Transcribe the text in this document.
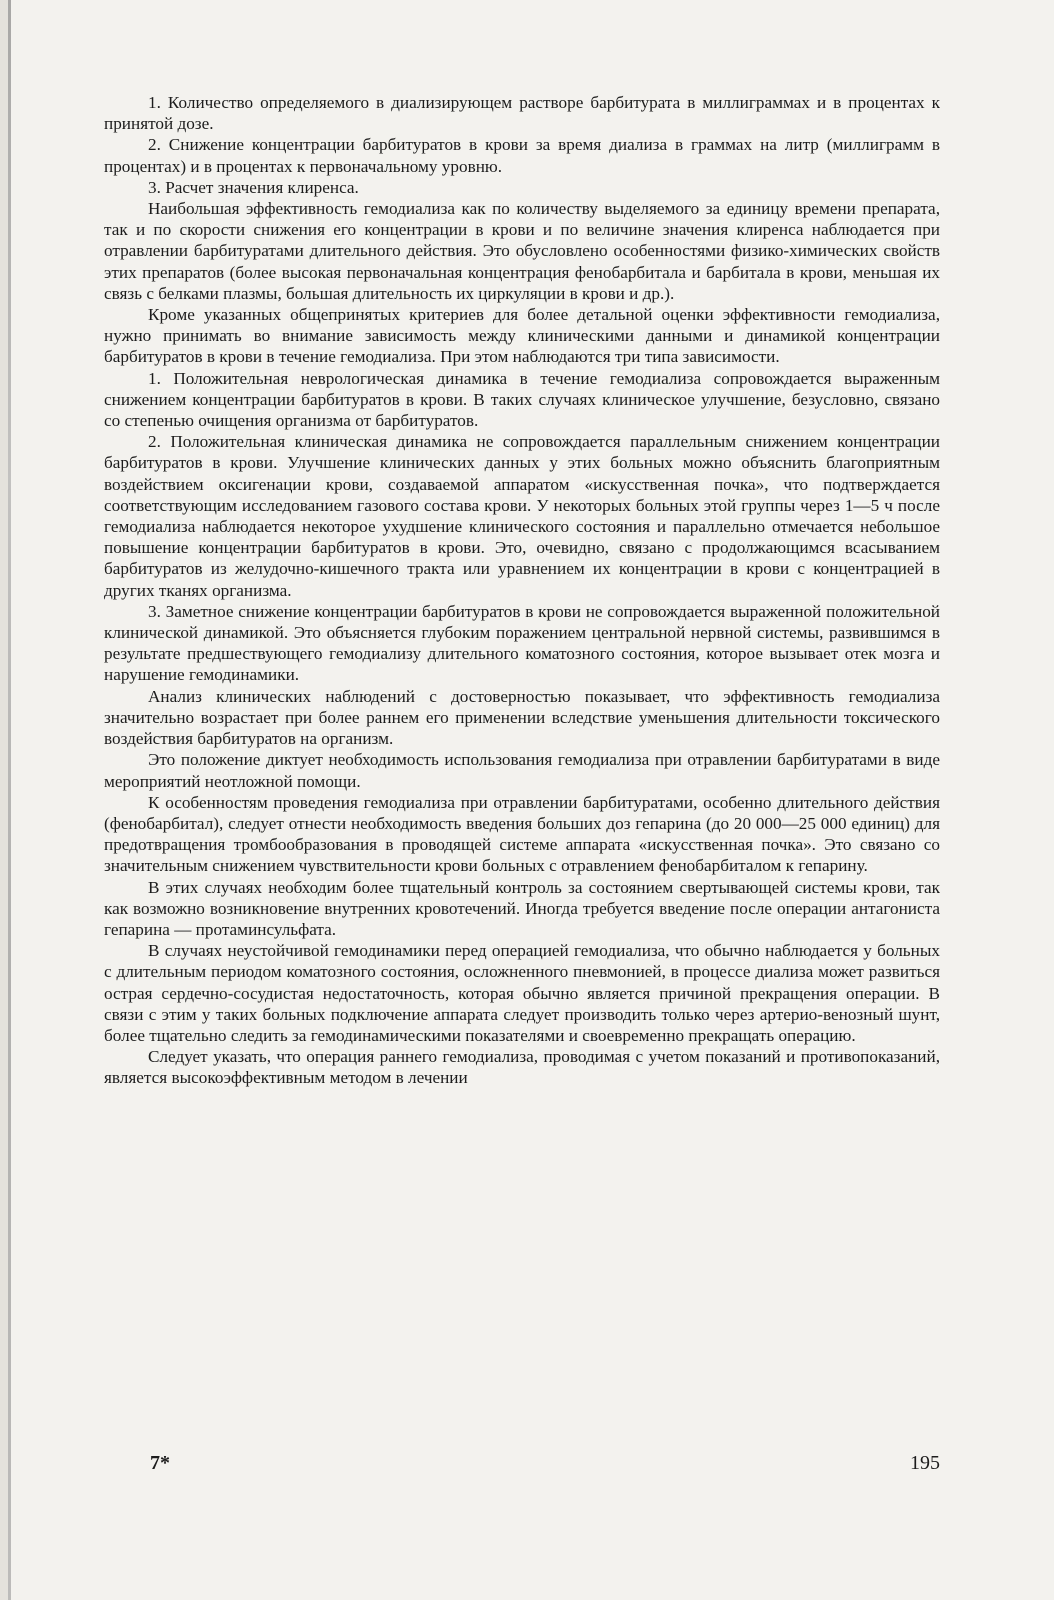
1. Количество определяемого в диализирующем растворе барбитурата в миллиграммах и в процентах к принятой дозе.

2. Снижение концентрации барбитуратов в крови за время диализа в граммах на литр (миллиграмм в процентах) и в процентах к первоначальному уровню.

3. Расчет значения клиренса.

Наибольшая эффективность гемодиализа как по количеству выделяемого за единицу времени препарата, так и по скорости снижения его концентрации в крови и по величине значения клиренса наблюдается при отравлении барбитуратами длительного действия. Это обусловлено особенностями физико-химических свойств этих препаратов (более высокая первоначальная концентрация фенобарбитала и барбитала в крови, меньшая их связь с белками плазмы, большая длительность их циркуляции в крови и др.).

Кроме указанных общепринятых критериев для более детальной оценки эффективности гемодиализа, нужно принимать во внимание зависимость между клиническими данными и динамикой концентрации барбитуратов в крови в течение гемодиализа. При этом наблюдаются три типа зависимости.

1. Положительная неврологическая динамика в течение гемодиализа сопровождается выраженным снижением концентрации барбитуратов в крови. В таких случаях клиническое улучшение, безусловно, связано со степенью очищения организма от барбитуратов.

2. Положительная клиническая динамика не сопровождается параллельным снижением концентрации барбитуратов в крови. Улучшение клинических данных у этих больных можно объяснить благоприятным воздействием оксигенации крови, создаваемой аппаратом «искусственная почка», что подтверждается соответствующим исследованием газового состава крови. У некоторых больных этой группы через 1—5 ч после гемодиализа наблюдается некоторое ухудшение клинического состояния и параллельно отмечается небольшое повышение концентрации барбитуратов в крови. Это, очевидно, связано с продолжающимся всасыванием барбитуратов из желудочно-кишечного тракта или уравнением их концентрации в крови с концентрацией в других тканях организма.

3. Заметное снижение концентрации барбитуратов в крови не сопровождается выраженной положительной клинической динамикой. Это объясняется глубоким поражением центральной нервной системы, развившимся в результате предшествующего гемодиализу длительного коматозного состояния, которое вызывает отек мозга и нарушение гемодинамики.

Анализ клинических наблюдений с достоверностью показывает, что эффективность гемодиализа значительно возрастает при более раннем его применении вследствие уменьшения длительности токсического воздействия барбитуратов на организм.

Это положение диктует необходимость использования гемодиализа при отравлении барбитуратами в виде мероприятий неотложной помощи.

К особенностям проведения гемодиализа при отравлении барбитуратами, особенно длительного действия (фенобарбитал), следует отнести необходимость введения больших доз гепарина (до 20 000—25 000 единиц) для предотвращения тромбообразования в проводящей системе аппарата «искусственная почка». Это связано со значительным снижением чувствительности крови больных с отравлением фенобарбиталом к гепарину.

В этих случаях необходим более тщательный контроль за состоянием свертывающей системы крови, так как возможно возникновение внутренних кровотечений. Иногда требуется введение после операции антагониста гепарина — протаминсульфата.

В случаях неустойчивой гемодинамики перед операцией гемодиализа, что обычно наблюдается у больных с длительным периодом коматозного состояния, осложненного пневмонией, в процессе диализа может развиться острая сердечно-сосудистая недостаточность, которая обычно является причиной прекращения операции. В связи с этим у таких больных подключение аппарата следует производить только через артерио-венозный шунт, более тщательно следить за гемодинамическими показателями и своевременно прекращать операцию.

Следует указать, что операция раннего гемодиализа, проводимая с учетом показаний и противопоказаний, является высокоэффективным методом в лечении

7*	195
